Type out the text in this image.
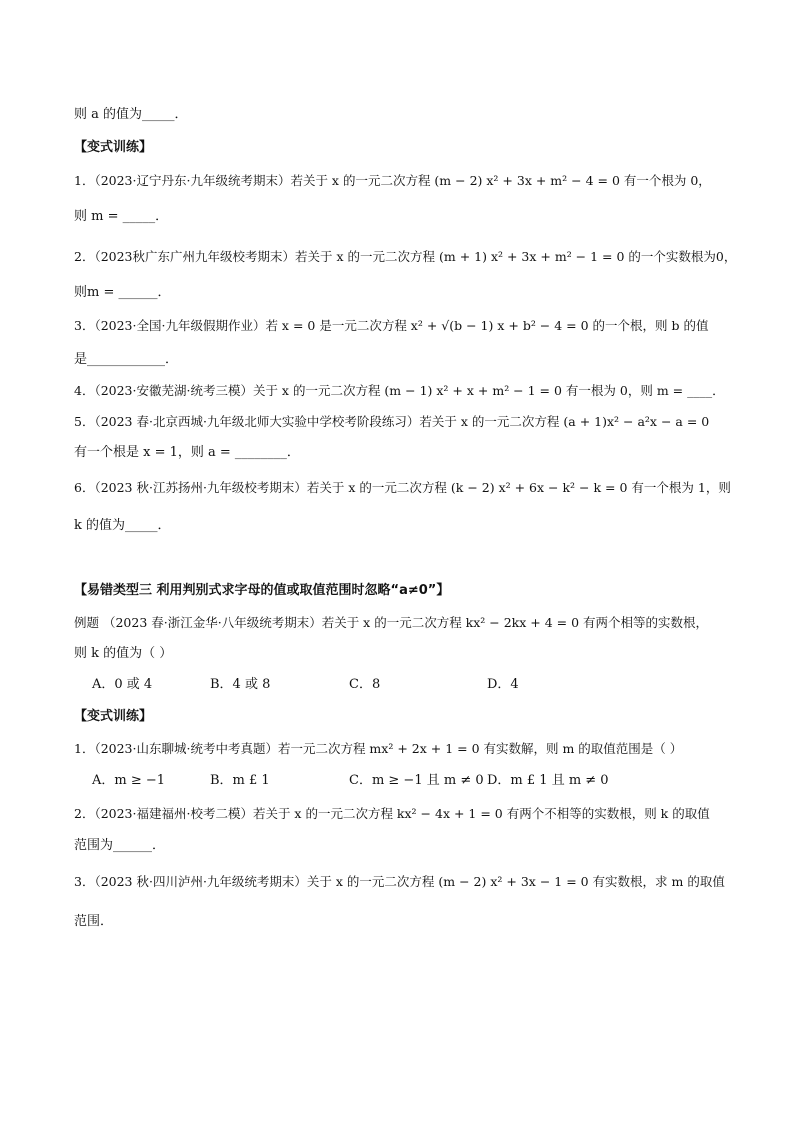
则 a 的值为_____．
【变式训练】
1．（2023·辽宁丹东·九年级统考期末）若关于 x 的一元二次方程 (m − 2) x² + 3x + m² − 4 = 0 有一个根为 0，
则 m = _____．
2．（2023秋广东广州九年级校考期末）若关于 x 的一元二次方程 (m + 1) x² + 3x + m² − 1 = 0 的一个实数根为0，
则m = ______．
3．（2023·全国·九年级假期作业）若 x = 0 是一元二次方程 x² + √(b − 1) x + b² − 4 = 0 的一个根，则 b 的值
是____________．
4．（2023·安徽芜湖·统考三模）关于 x 的一元二次方程 (m − 1) x² + x + m² − 1 = 0 有一根为 0，则 m = ____．
5．（2023 春·北京西城·九年级北师大实验中学校考阶段练习）若关于 x 的一元二次方程 (a + 1)x² − a²x − a = 0
有一个根是 x = 1，则 a = ________．
6．（2023 秋·江苏扬州·九年级校考期末）若关于 x 的一元二次方程 (k − 2) x² + 6x − k² − k = 0 有一个根为 1，则
k 的值为_____．
【易错类型三 利用判别式求字母的值或取值范围时忽略“a≠0”】
例题 （2023 春·浙江金华·八年级统考期末）若关于 x 的一元二次方程 kx² − 2kx + 4 = 0 有两个相等的实数根，
则 k 的值为（ ）
A．0 或 4	B．4 或 8	C．8	D．4
【变式训练】
1．（2023·山东聊城·统考中考真题）若一元二次方程 mx² + 2x + 1 = 0 有实数解，则 m 的取值范围是（ ）
A．m ≥ −1	B．m £ 1	C．m ≥ −1 且 m ≠ 0 D．m £ 1 且 m ≠ 0
2．（2023·福建福州·校考二模）若关于 x 的一元二次方程 kx² − 4x + 1 = 0 有两个不相等的实数根，则 k 的取值
范围为______．
3．（2023 秋·四川泸州·九年级统考期末）关于 x 的一元二次方程 (m − 2) x² + 3x − 1 = 0 有实数根，求 m 的取值
范围．
